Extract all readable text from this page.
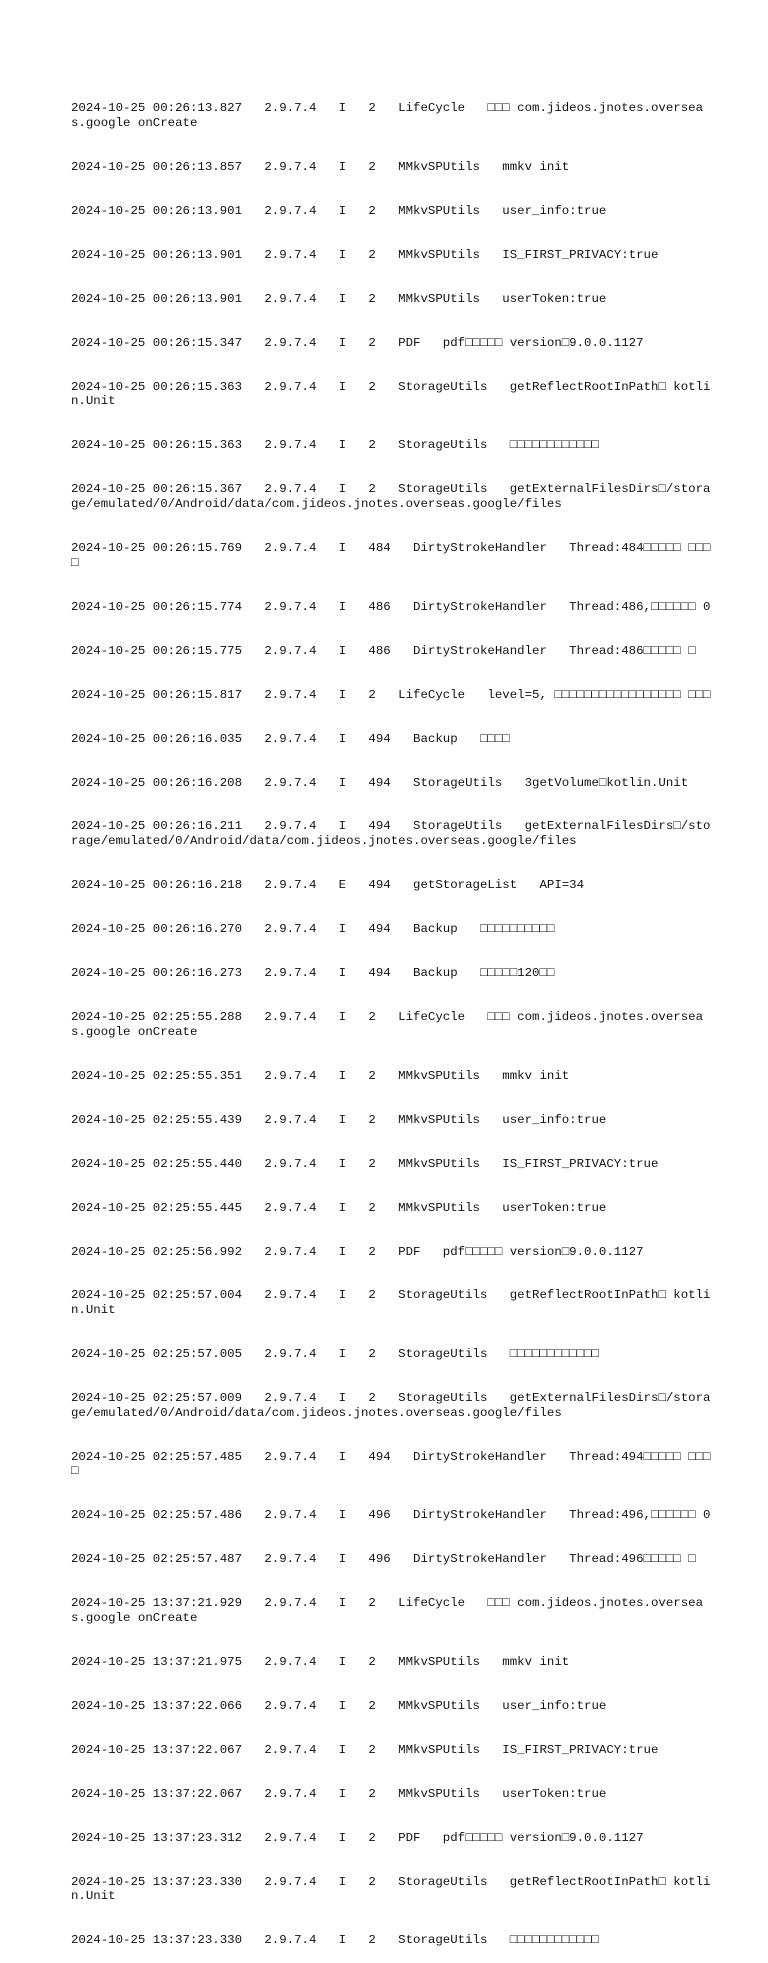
2024-10-25 00:26:13.827   2.9.7.4   I   2   LifeCycle   □□□ com.jideos.jnotes.overseas.google onCreate

2024-10-25 00:26:13.857   2.9.7.4   I   2   MMkvSPUtils   mmkv init

2024-10-25 00:26:13.901   2.9.7.4   I   2   MMkvSPUtils   user_info:true

2024-10-25 00:26:13.901   2.9.7.4   I   2   MMkvSPUtils   IS_FIRST_PRIVACY:true

2024-10-25 00:26:13.901   2.9.7.4   I   2   MMkvSPUtils   userToken:true

2024-10-25 00:26:15.347   2.9.7.4   I   2   PDF   pdf□□□□□ version□9.0.0.1127

2024-10-25 00:26:15.363   2.9.7.4   I   2   StorageUtils   getReflectRootInPath□ kotlin.Unit

2024-10-25 00:26:15.363   2.9.7.4   I   2   StorageUtils   □□□□□□□□□□□□

2024-10-25 00:26:15.367   2.9.7.4   I   2   StorageUtils   getExternalFilesDirs□/storage/emulated/0/Android/data/com.jideos.jnotes.overseas.google/files

2024-10-25 00:26:15.769   2.9.7.4   I   484   DirtyStrokeHandler   Thread:484□□□□□ □□□□

2024-10-25 00:26:15.774   2.9.7.4   I   486   DirtyStrokeHandler   Thread:486,□□□□□□ 0

2024-10-25 00:26:15.775   2.9.7.4   I   486   DirtyStrokeHandler   Thread:486□□□□□ □

2024-10-25 00:26:15.817   2.9.7.4   I   2   LifeCycle   level=5, □□□□□□□□□□□□□□□□□ □□□

2024-10-25 00:26:16.035   2.9.7.4   I   494   Backup   □□□□

2024-10-25 00:26:16.208   2.9.7.4   I   494   StorageUtils   3getVolume□kotlin.Unit

2024-10-25 00:26:16.211   2.9.7.4   I   494   StorageUtils   getExternalFilesDirs□/storage/emulated/0/Android/data/com.jideos.jnotes.overseas.google/files

2024-10-25 00:26:16.218   2.9.7.4   E   494   getStorageList   API=34

2024-10-25 00:26:16.270   2.9.7.4   I   494   Backup   □□□□□□□□□□

2024-10-25 00:26:16.273   2.9.7.4   I   494   Backup   □□□□□120□□

2024-10-25 02:25:55.288   2.9.7.4   I   2   LifeCycle   □□□ com.jideos.jnotes.overseas.google onCreate

2024-10-25 02:25:55.351   2.9.7.4   I   2   MMkvSPUtils   mmkv init

2024-10-25 02:25:55.439   2.9.7.4   I   2   MMkvSPUtils   user_info:true

2024-10-25 02:25:55.440   2.9.7.4   I   2   MMkvSPUtils   IS_FIRST_PRIVACY:true

2024-10-25 02:25:55.445   2.9.7.4   I   2   MMkvSPUtils   userToken:true

2024-10-25 02:25:56.992   2.9.7.4   I   2   PDF   pdf□□□□□ version□9.0.0.1127

2024-10-25 02:25:57.004   2.9.7.4   I   2   StorageUtils   getReflectRootInPath□ kotlin.Unit

2024-10-25 02:25:57.005   2.9.7.4   I   2   StorageUtils   □□□□□□□□□□□□

2024-10-25 02:25:57.009   2.9.7.4   I   2   StorageUtils   getExternalFilesDirs□/storage/emulated/0/Android/data/com.jideos.jnotes.overseas.google/files

2024-10-25 02:25:57.485   2.9.7.4   I   494   DirtyStrokeHandler   Thread:494□□□□□ □□□□

2024-10-25 02:25:57.486   2.9.7.4   I   496   DirtyStrokeHandler   Thread:496,□□□□□□ 0

2024-10-25 02:25:57.487   2.9.7.4   I   496   DirtyStrokeHandler   Thread:496□□□□□ □

2024-10-25 13:37:21.929   2.9.7.4   I   2   LifeCycle   □□□ com.jideos.jnotes.overseas.google onCreate

2024-10-25 13:37:21.975   2.9.7.4   I   2   MMkvSPUtils   mmkv init

2024-10-25 13:37:22.066   2.9.7.4   I   2   MMkvSPUtils   user_info:true

2024-10-25 13:37:22.067   2.9.7.4   I   2   MMkvSPUtils   IS_FIRST_PRIVACY:true

2024-10-25 13:37:22.067   2.9.7.4   I   2   MMkvSPUtils   userToken:true

2024-10-25 13:37:23.312   2.9.7.4   I   2   PDF   pdf□□□□□ version□9.0.0.1127

2024-10-25 13:37:23.330   2.9.7.4   I   2   StorageUtils   getReflectRootInPath□ kotlin.Unit

2024-10-25 13:37:23.330   2.9.7.4   I   2   StorageUtils   □□□□□□□□□□□□
